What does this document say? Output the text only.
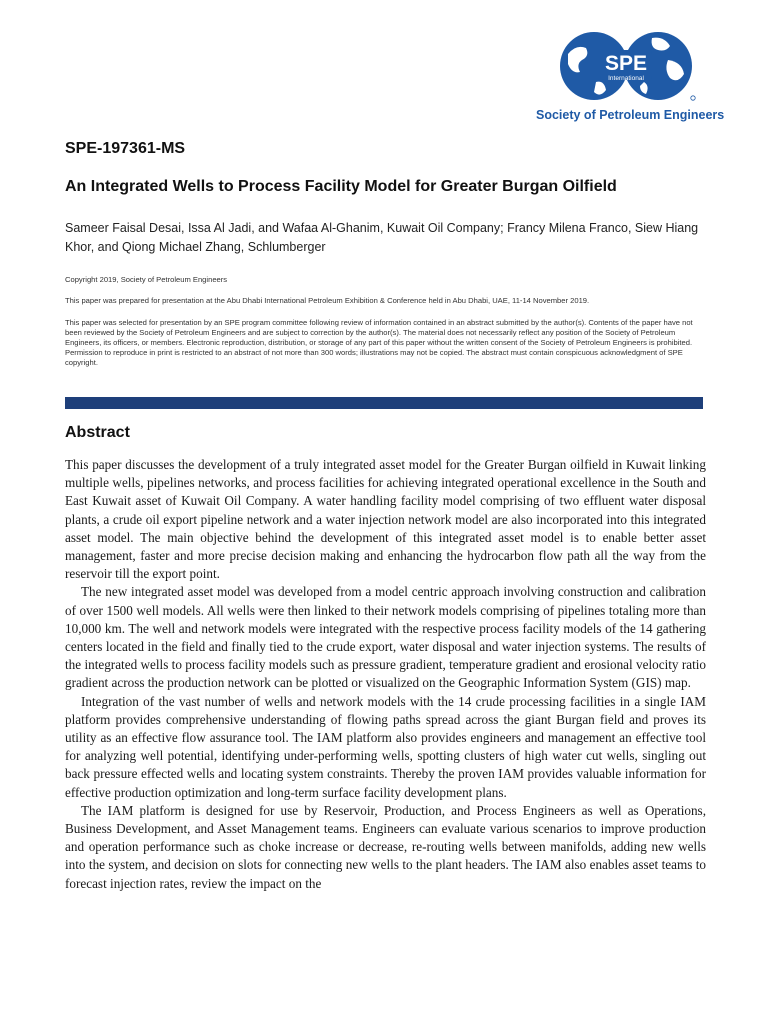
SPE
International
Society of Petroleum Engineers
SPE-197361-MS
An Integrated Wells to Process Facility Model for Greater Burgan Oilfield
Sameer Faisal Desai, Issa Al Jadi, and Wafaa Al-Ghanim, Kuwait Oil Company; Francy Milena Franco, Siew Hiang Khor, and Qiong Michael Zhang, Schlumberger
Copyright 2019, Society of Petroleum Engineers
This paper was prepared for presentation at the Abu Dhabi International Petroleum Exhibition & Conference held in Abu Dhabi, UAE, 11-14 November 2019.
This paper was selected for presentation by an SPE program committee following review of information contained in an abstract submitted by the author(s). Contents of the paper have not been reviewed by the Society of Petroleum Engineers and are subject to correction by the author(s). The material does not necessarily reflect any position of the Society of Petroleum Engineers, its officers, or members. Electronic reproduction, distribution, or storage of any part of this paper without the written consent of the Society of Petroleum Engineers is prohibited. Permission to reproduce in print is restricted to an abstract of not more than 300 words; illustrations may not be copied. The abstract must contain conspicuous acknowledgment of SPE copyright.
Abstract

This paper discusses the development of a truly integrated asset model for the Greater Burgan oilfield in Kuwait linking multiple wells, pipelines networks, and process facilities for achieving integrated operational excellence in the South and East Kuwait asset of Kuwait Oil Company. A water handling facility model comprising of two effluent water disposal plants, a crude oil export pipeline network and a water injection network model are also incorporated into this integrated asset model. The main objective behind the development of this integrated asset model is to enable better asset management, faster and more precise decision making and enhancing the hydrocarbon flow path all the way from the reservoir till the export point.

The new integrated asset model was developed from a model centric approach involving construction and calibration of over 1500 well models. All wells were then linked to their network models comprising of pipelines totaling more than 10,000 km. The well and network models were integrated with the respective process facility models of the 14 gathering centers located in the field and finally tied to the crude export, water disposal and water injection systems. The results of the integrated wells to process facility models such as pressure gradient, temperature gradient and erosional velocity ratio gradient across the production network can be plotted or visualized on the Geographic Information System (GIS) map.

Integration of the vast number of wells and network models with the 14 crude processing facilities in a single IAM platform provides comprehensive understanding of flowing paths spread across the giant Burgan field and proves its utility as an effective flow assurance tool. The IAM platform also provides engineers and management an effective tool for analyzing well potential, identifying under-performing wells, spotting clusters of high water cut wells, singling out back pressure effected wells and locating system constraints. Thereby the proven IAM provides valuable information for effective production optimization and long-term surface facility development plans.

The IAM platform is designed for use by Reservoir, Production, and Process Engineers as well as Operations, Business Development, and Asset Management teams. Engineers can evaluate various scenarios to improve production and operation performance such as choke increase or decrease, re-routing wells between manifolds, adding new wells into the system, and decision on slots for connecting new wells to the plant headers. The IAM also enables asset teams to forecast injection rates, review the impact on the
